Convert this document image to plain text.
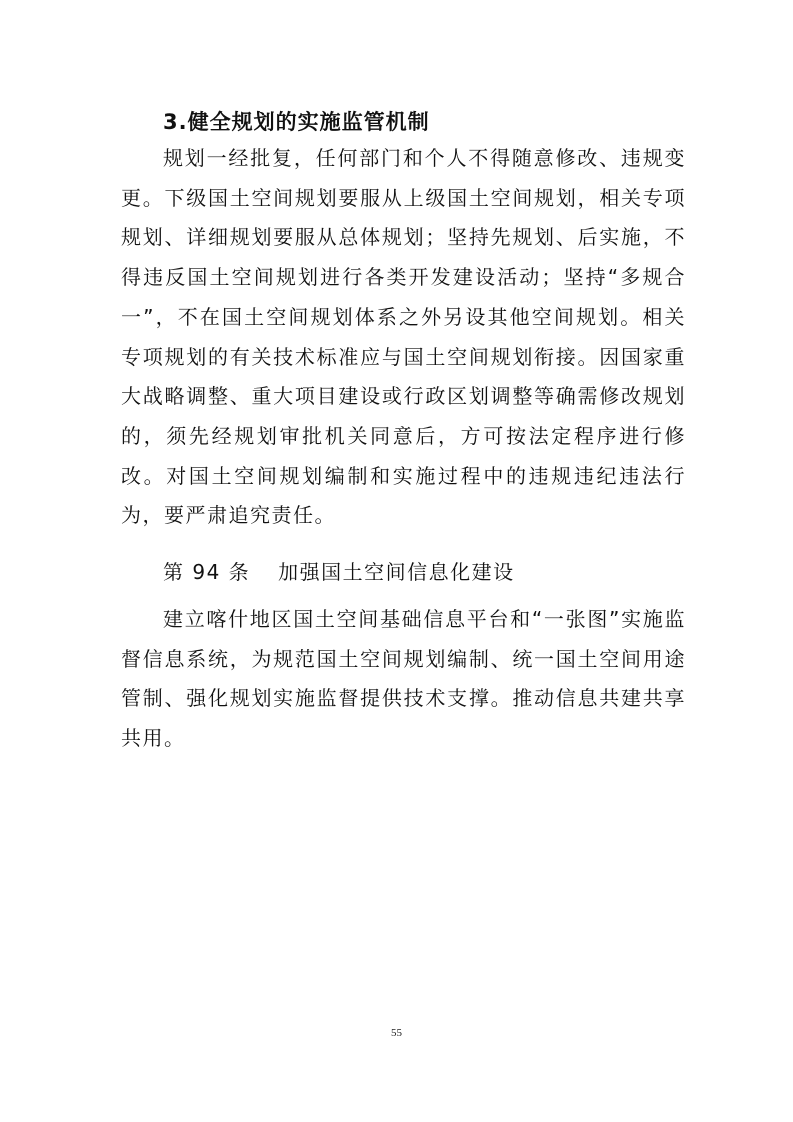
3.健全规划的实施监管机制

规划一经批复，任何部门和个人不得随意修改、违规变更。下级国土空间规划要服从上级国土空间规划，相关专项规划、详细规划要服从总体规划；坚持先规划、后实施，不得违反国土空间规划进行各类开发建设活动；坚持“多规合一”，不在国土空间规划体系之外另设其他空间规划。相关专项规划的有关技术标准应与国土空间规划衔接。因国家重大战略调整、重大项目建设或行政区划调整等确需修改规划的，须先经规划审批机关同意后，方可按法定程序进行修改。对国土空间规划编制和实施过程中的违规违纪违法行为，要严肃追究责任。

第 94 条 加强国土空间信息化建设

建立喀什地区国土空间基础信息平台和“一张图”实施监督信息系统，为规范国土空间规划编制、统一国土空间用途管制、强化规划实施监督提供技术支撑。推动信息共建共享共用。

55
